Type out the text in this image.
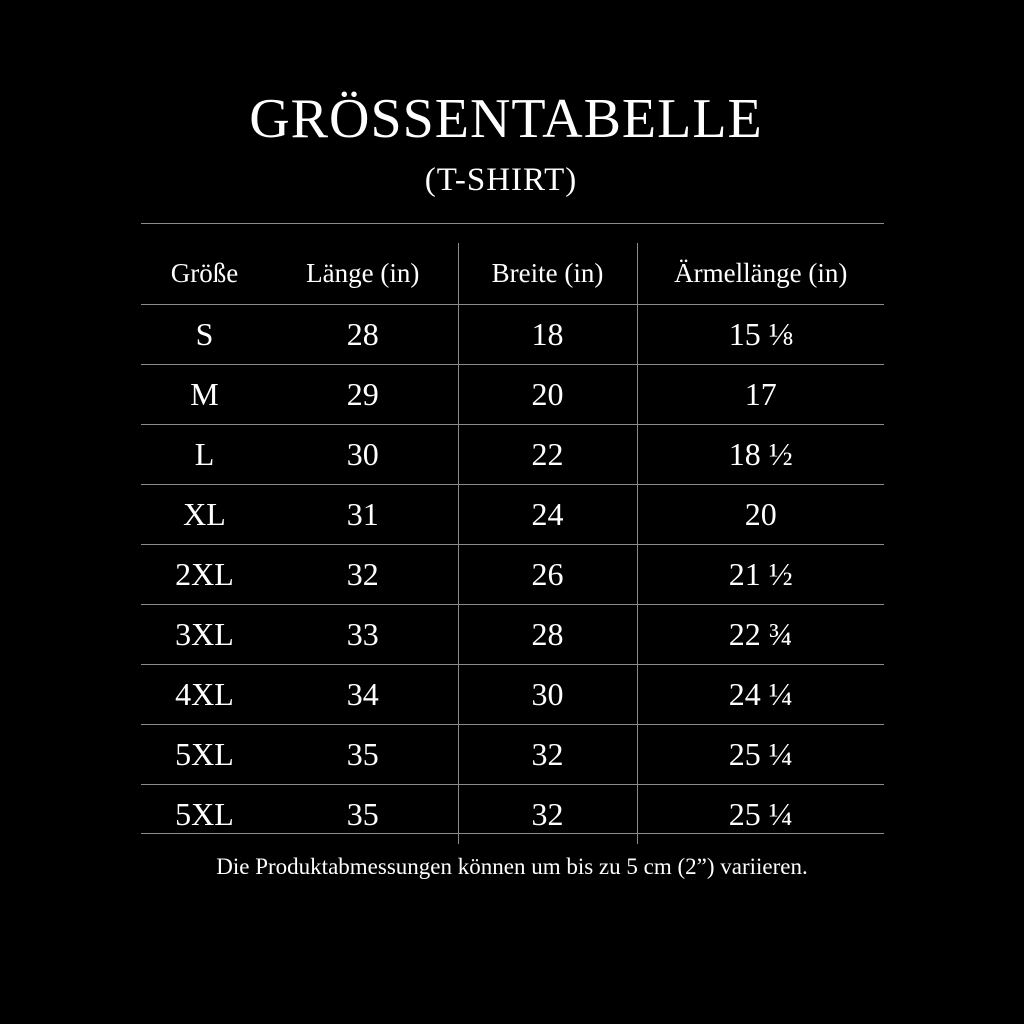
GRÖSSENTABELLE
(T-SHIRT)
Größe	Länge (in)	Breite (in)	Ärmellänge (in)
S	28	18	15 ⅛
M	29	20	17
L	30	22	18 ½
XL	31	24	20
2XL	32	26	21 ½
3XL	33	28	22 ¾
4XL	34	30	24 ¼
5XL	35	32	25 ¼
5XL	35	32	25 ¼
Die Produktabmessungen können um bis zu 5 cm (2”) variieren.
